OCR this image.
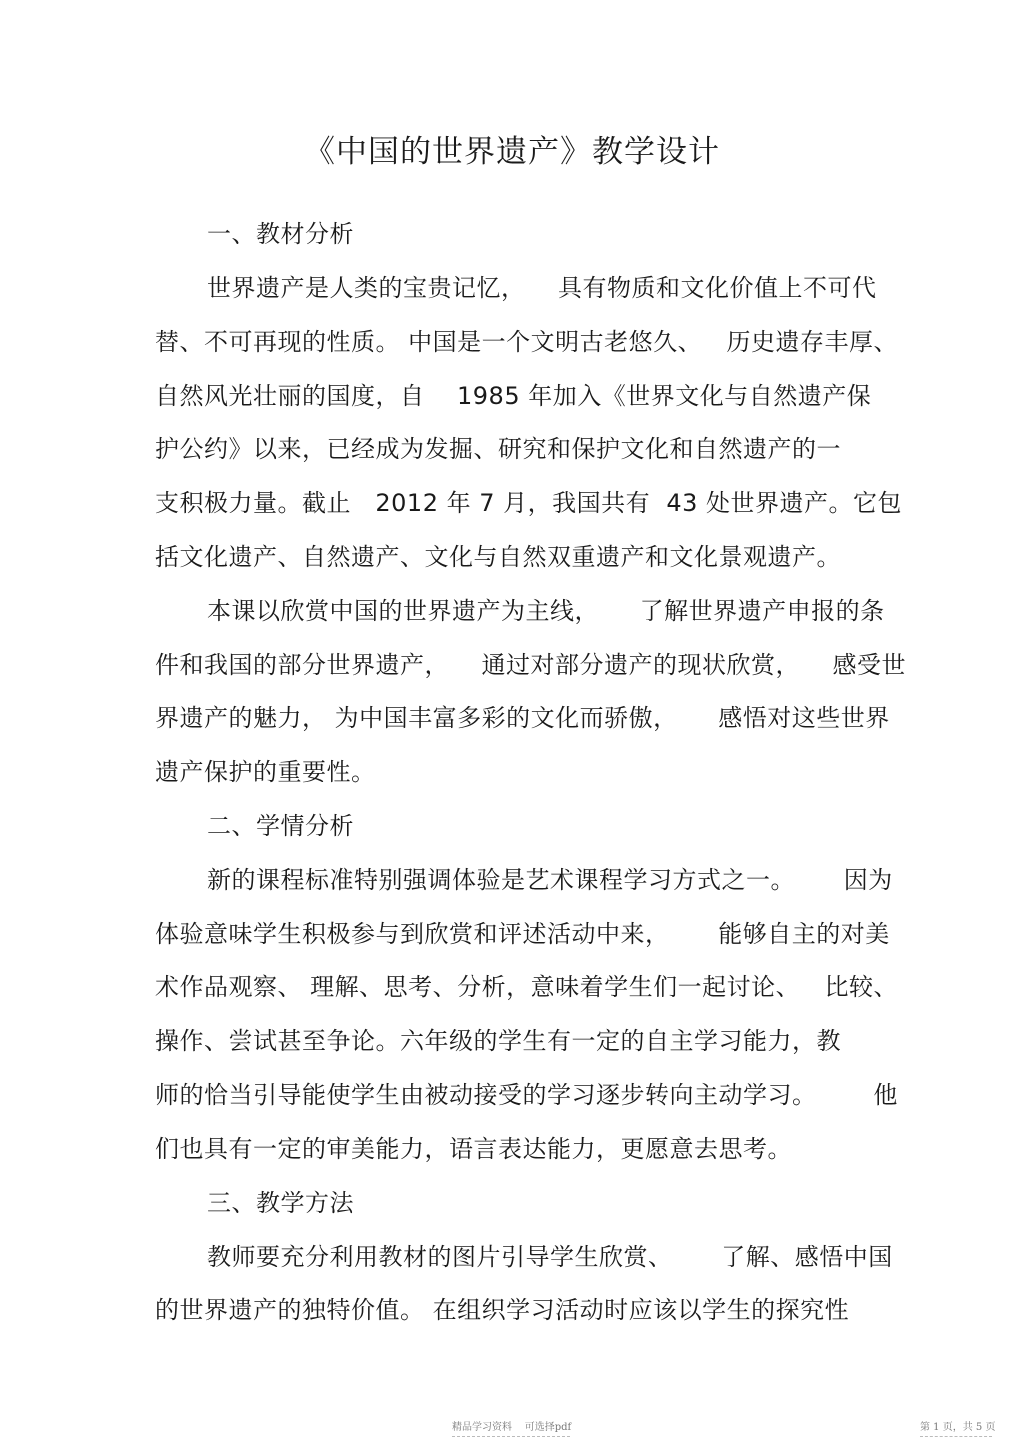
《中国的世界遗产》教学设计
一、教材分析
世界遗产是人类的宝贵记忆，    具有物质和文化价值上不可代
替、不可再现的性质。 中国是一个文明古老悠久、   历史遗存丰厚、
自然风光壮丽的国度，自    1985 年加入《世界文化与自然遗产保
护公约》以来，已经成为发掘、研究和保护文化和自然遗产的一
支积极力量。截止   2012 年 7 月，我国共有  43 处世界遗产。它包
括文化遗产、自然遗产、文化与自然双重遗产和文化景观遗产。
本课以欣赏中国的世界遗产为主线，     了解世界遗产申报的条
件和我国的部分世界遗产，    通过对部分遗产的现状欣赏，    感受世
界遗产的魅力， 为中国丰富多彩的文化而骄傲，     感悟对这些世界
遗产保护的重要性。
二、学情分析
新的课程标准特别强调体验是艺术课程学习方式之一。      因为
体验意味学生积极参与到欣赏和评述活动中来，      能够自主的对美
术作品观察、 理解、思考、分析，意味着学生们一起讨论、   比较、
操作、尝试甚至争论。六年级的学生有一定的自主学习能力，教
师的恰当引导能使学生由被动接受的学习逐步转向主动学习。       他
们也具有一定的审美能力，语言表达能力，更愿意去思考。
三、教学方法
教师要充分利用教材的图片引导学生欣赏、      了解、感悟中国
的世界遗产的独特价值。 在组织学习活动时应该以学生的探究性
精品学习资料    可选择pdf	第 1 页，共 5 页
